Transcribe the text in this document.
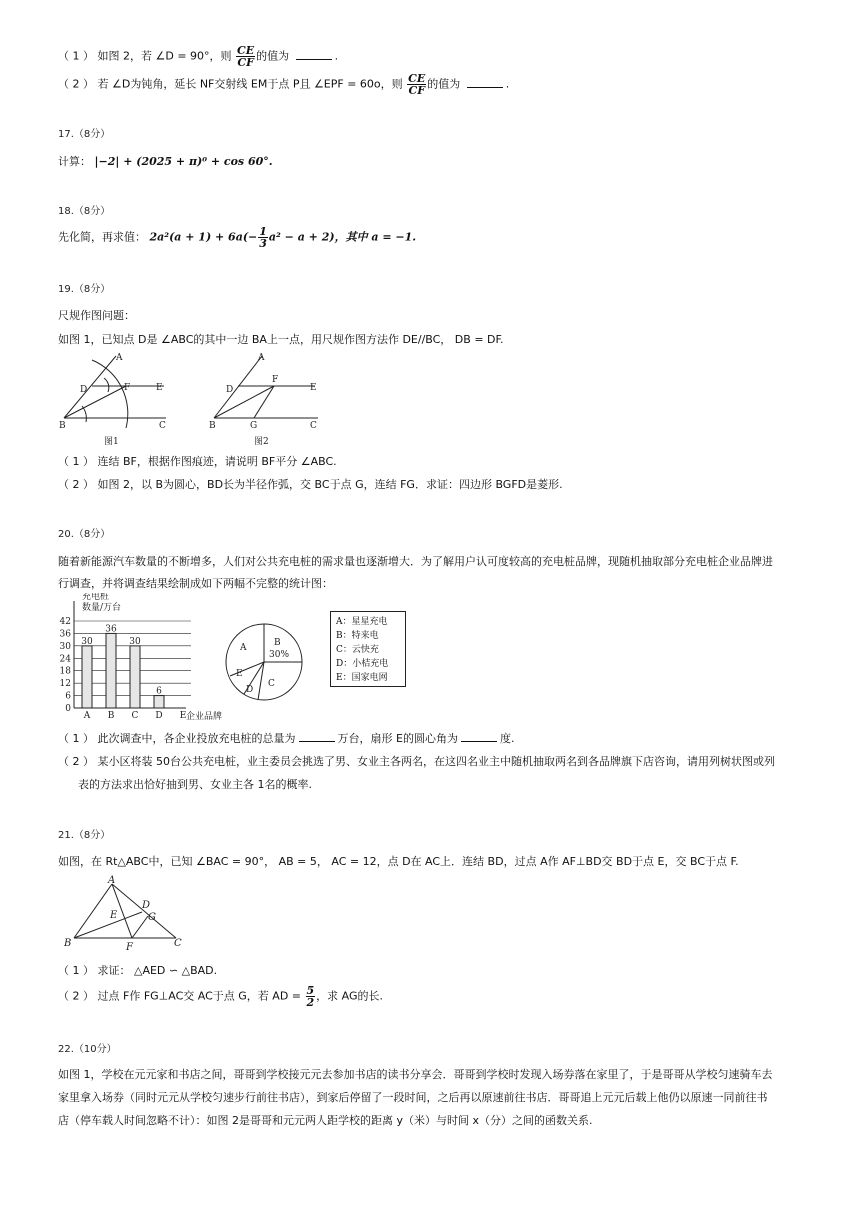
（ 1 ） 如图 2，若 ∠D = 90°，则 $\frac{CE}{CF}$ 的值为	.
（ 2 ） 若 ∠D为钝角，延长 NF交射线 EM于点 P且 ∠EPF = 60o，则 $\frac{CE}{CF}$ 的值为	.
17.（8分）
计算： |−2| + (2025 + π)⁰ + cos 60°.
18.（8分）
先化简，再求值： $2a^2(a + 1) + 6a(- \frac{1}{3} a^2 - a + 2)$，其中 a = −1.
19.（8分）
尺规作图问题：
如图 1，已知点 D是 ∠ABC的其中一边 BA上一点，用尺规作图方法作 DE//BC， DB = DF.
A
D	F	E
B	C
图1
A
D
F
E
B	G	C
图2
（ 1 ） 连结 BF，根据作图痕迹，请说明 BF平分 ∠ABC.
（ 2 ） 如图 2，以 B为圆心，BD长为半径作弧，交 BC于点 G，连结 FG．求证：四边形 BGFD是菱形.
20.（8分）
随着新能源汽车数量的不断增多，人们对公共充电桩的需求量也逐渐增大．为了解用户认可度较高的充电桩品牌，现随机抽取部分充电桩企业品牌进
行调查，并将调查结果绘制成如下两幅不完整的统计图：
0
6
12
18
24
30
36
42
30
36
30
6
A B C D E
充电桩
数量/万台
企业品牌
A	B
30%
C
D
E
A：星星充电
B：特来电
C：云快充
D：小桔充电
E：国家电网
（ 1 ） 此次调查中，各企业投放充电桩的总量为	万台，扇形 E的圆心角为	度.
（ 2 ） 某小区将装 50台公共充电桩，业主委员会挑选了男、女业主各两名，在这四名业主中随机抽取两名到各品牌旗下店咨询，请用列树状图或列
表的方法求出恰好抽到男、女业主各 1名的概率.
21.（8分）
如图，在 Rt△ABC中，已知 ∠BAC = 90°， AB = 5， AC = 12，点 D在 AC上．连结 BD，过点 A作 AF⊥BD交 BD于点 E，交 BC于点 F.
A
D
E	G
B	F	C
（ 1 ） 求证： △AED ∽ △BAD.
（ 2 ） 过点 F作 FG⊥AC交 AC于点 G，若 AD = $\frac{5}{2}$ ，求 AG的长.
22.（10分）
如图 1，学校在元元家和书店之间，哥哥到学校接元元去参加书店的读书分享会．哥哥到学校时发现入场券落在家里了，于是哥哥从学校匀速骑车去
家里拿入场券（同时元元从学校匀速步行前往书店），到家后停留了一段时间，之后再以原速前往书店．哥哥追上元元后载上他仍以原速一同前往书
店（停车载人时间忽略不计）：如图 2是哥哥和元元两人距学校的距离 y（米）与时间 x（分）之间的函数关系.
